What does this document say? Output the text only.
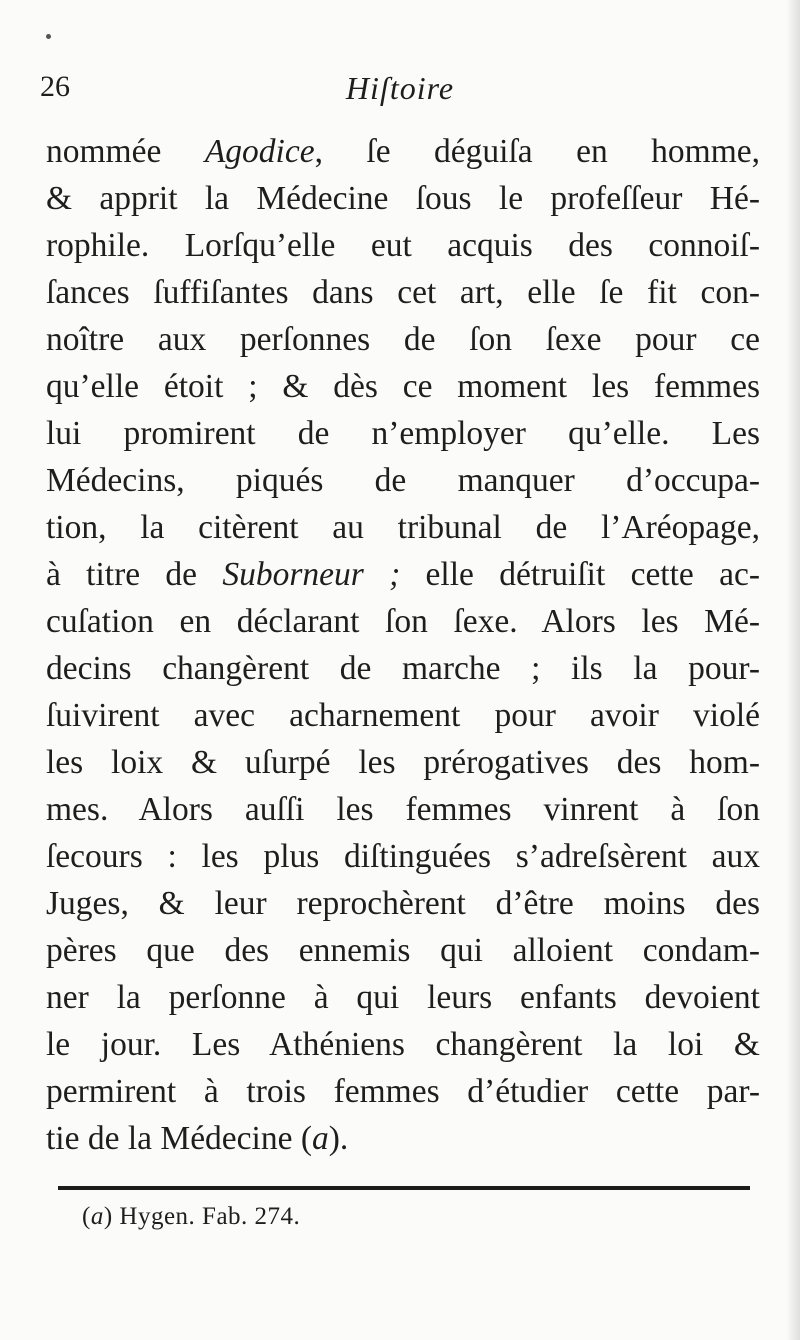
26	Hiſtoire
nommée Agodice, ſe déguiſa en homme,
& apprit la Médecine ſous le profeſſeur Hé-
rophile. Lorſqu’elle eut acquis des connoiſ-
ſances ſuffiſantes dans cet art, elle ſe fit con-
noître aux perſonnes de ſon ſexe pour ce
qu’elle étoit ; & dès ce moment les femmes
lui promirent de n’employer qu’elle. Les
Médecins, piqués de manquer d’occupa-
tion, la citèrent au tribunal de l’Aréopage,
à titre de Suborneur ; elle détruiſit cette ac-
cuſation en déclarant ſon ſexe. Alors les Mé-
decins changèrent de marche ; ils la pour-
ſuivirent avec acharnement pour avoir violé
les loix & uſurpé les prérogatives des hom-
mes. Alors auſſi les femmes vinrent à ſon
ſecours : les plus diſtinguées s’adreſsèrent aux
Juges, & leur reprochèrent d’être moins des
pères que des ennemis qui alloient condam-
ner la perſonne à qui leurs enfants devoient
le jour. Les Athéniens changèrent la loi &
permirent à trois femmes d’étudier cette par-
tie de la Médecine (a).
(a) Hygen. Fab. 274.
